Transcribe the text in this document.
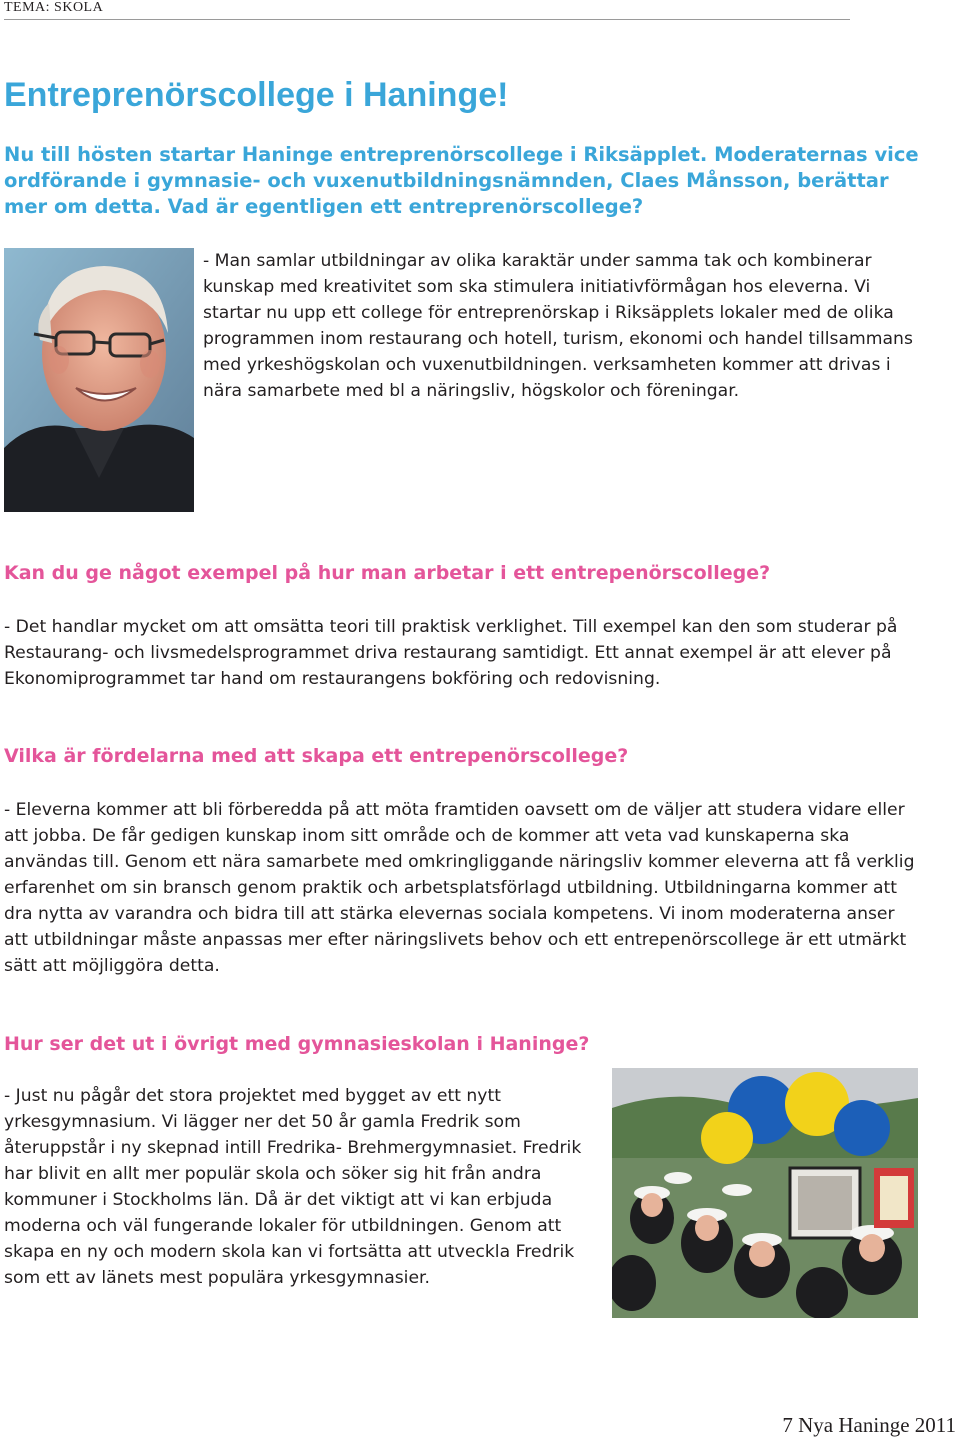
TEMA: SKOLA
Entreprenörscollege i Haninge!

Nu till hösten startar Haninge entreprenörscollege i Riksäpplet. Moderaternas vice ordförande i gymnasie- och vuxenutbildningsnämnden, Claes Månsson, berättar mer om detta. Vad är egentligen ett entreprenörscollege?

- Man samlar utbildningar av olika karaktär under samma tak och kombinerar kunskap med kreativitet som ska stimulera initiativförmågan hos eleverna. Vi startar nu upp ett college för entreprenörskap i Riksäpplets lokaler med de olika programmen inom restaurang och hotell, turism, ekonomi och handel tillsammans med yrkeshögskolan och vuxenutbildningen. verksamheten kommer att drivas i nära samarbete med bl a näringsliv, högskolor och föreningar.

Kan du ge något exempel på hur man arbetar i ett entrepenörscollege?

- Det handlar mycket om att omsätta teori till praktisk verklighet. Till exempel kan den som studerar på Restaurang- och livsmedelsprogrammet driva restaurang samtidigt. Ett annat exempel är att elever på Ekonomiprogrammet tar hand om restaurangens bokföring och redovisning.

Vilka är fördelarna med att skapa ett entrepenörscollege?

- Eleverna kommer att bli förberedda på att möta framtiden oavsett om de väljer att studera vidare eller att jobba. De får gedigen kunskap inom sitt område och de kommer att veta vad kunskaperna ska användas till. Genom ett nära samarbete med omkringliggande näringsliv kommer eleverna att få verklig erfarenhet om sin bransch genom praktik och arbetsplatsförlagd utbildning. Utbildningarna kommer att dra nytta av varandra och bidra till att stärka elevernas sociala kompetens. Vi inom moderaterna anser att utbildningar måste anpassas mer efter näringslivets behov och ett entrepenörscollege är ett utmärkt sätt att möjliggöra detta.

Hur ser det ut i övrigt med gymnasieskolan i Haninge?

- Just nu pågår det stora projektet med bygget av ett nytt yrkesgymnasium. Vi lägger ner det 50 år gamla Fredrik som återuppstår i ny skepnad intill Fredrika- Brehmergymnasiet. Fredrik har blivit en allt mer populär skola och söker sig hit från andra kommuner i Stockholms län. Då är det viktigt att vi kan erbjuda moderna och väl fungerande lokaler för utbildningen. Genom att skapa en ny och modern skola kan vi fortsätta att utveckla Fredrik som ett av länets mest populära yrkesgymnasier.

7 Nya Haninge 2011
